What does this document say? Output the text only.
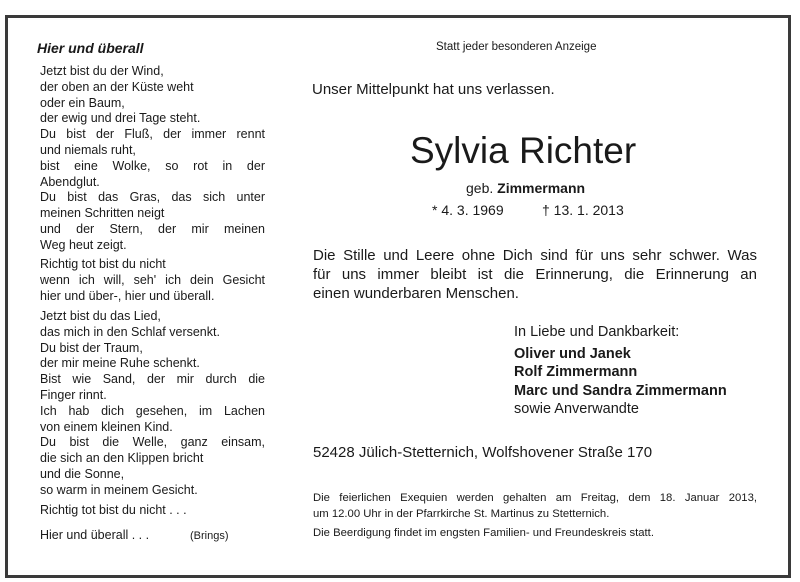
Hier und überall
Jetzt bist du der Wind,
der oben an der Küste weht
oder ein Baum,
der ewig und drei Tage steht.
Du bist der Fluß, der immer rennt
und niemals ruht,
bist eine Wolke, so rot in der
Abendglut.
Du bist das Gras, das sich unter
meinen Schritten neigt
und der Stern, der mir meinen
Weg heut zeigt.
Richtig tot bist du nicht
wenn ich will, seh' ich dein Gesicht
hier und über-, hier und überall.
Jetzt bist du das Lied,
das mich in den Schlaf versenkt.
Du bist der Traum,
der mir meine Ruhe schenkt.
Bist wie Sand, der mir durch die
Finger rinnt.
Ich hab dich gesehen, im Lachen
von einem kleinen Kind.
Du bist die Welle, ganz einsam,
die sich an den Klippen bricht
und die Sonne,
so warm in meinem Gesicht.
Richtig tot bist du nicht . . .
Hier und überall . . .	(Brings)
Statt jeder besonderen Anzeige
Unser Mittelpunkt hat uns verlassen.
Sylvia Richter
geb. Zimmermann
* 4. 3. 1969	† 13. 1. 2013
Die Stille und Leere ohne Dich sind für uns sehr schwer. Was
für uns immer bleibt ist die Erinnerung, die Erinnerung an
einen wunderbaren Menschen.
In Liebe und Dankbarkeit:
Oliver und Janek
Rolf Zimmermann
Marc und Sandra Zimmermann
sowie Anverwandte
52428 Jülich-Stetternich, Wolfshovener Straße 170
Die feierlichen Exequien werden gehalten am Freitag, dem 18. Januar 2013,
um 12.00 Uhr in der Pfarrkirche St. Martinus zu Stetternich.
Die Beerdigung findet im engsten Familien- und Freundeskreis statt.
